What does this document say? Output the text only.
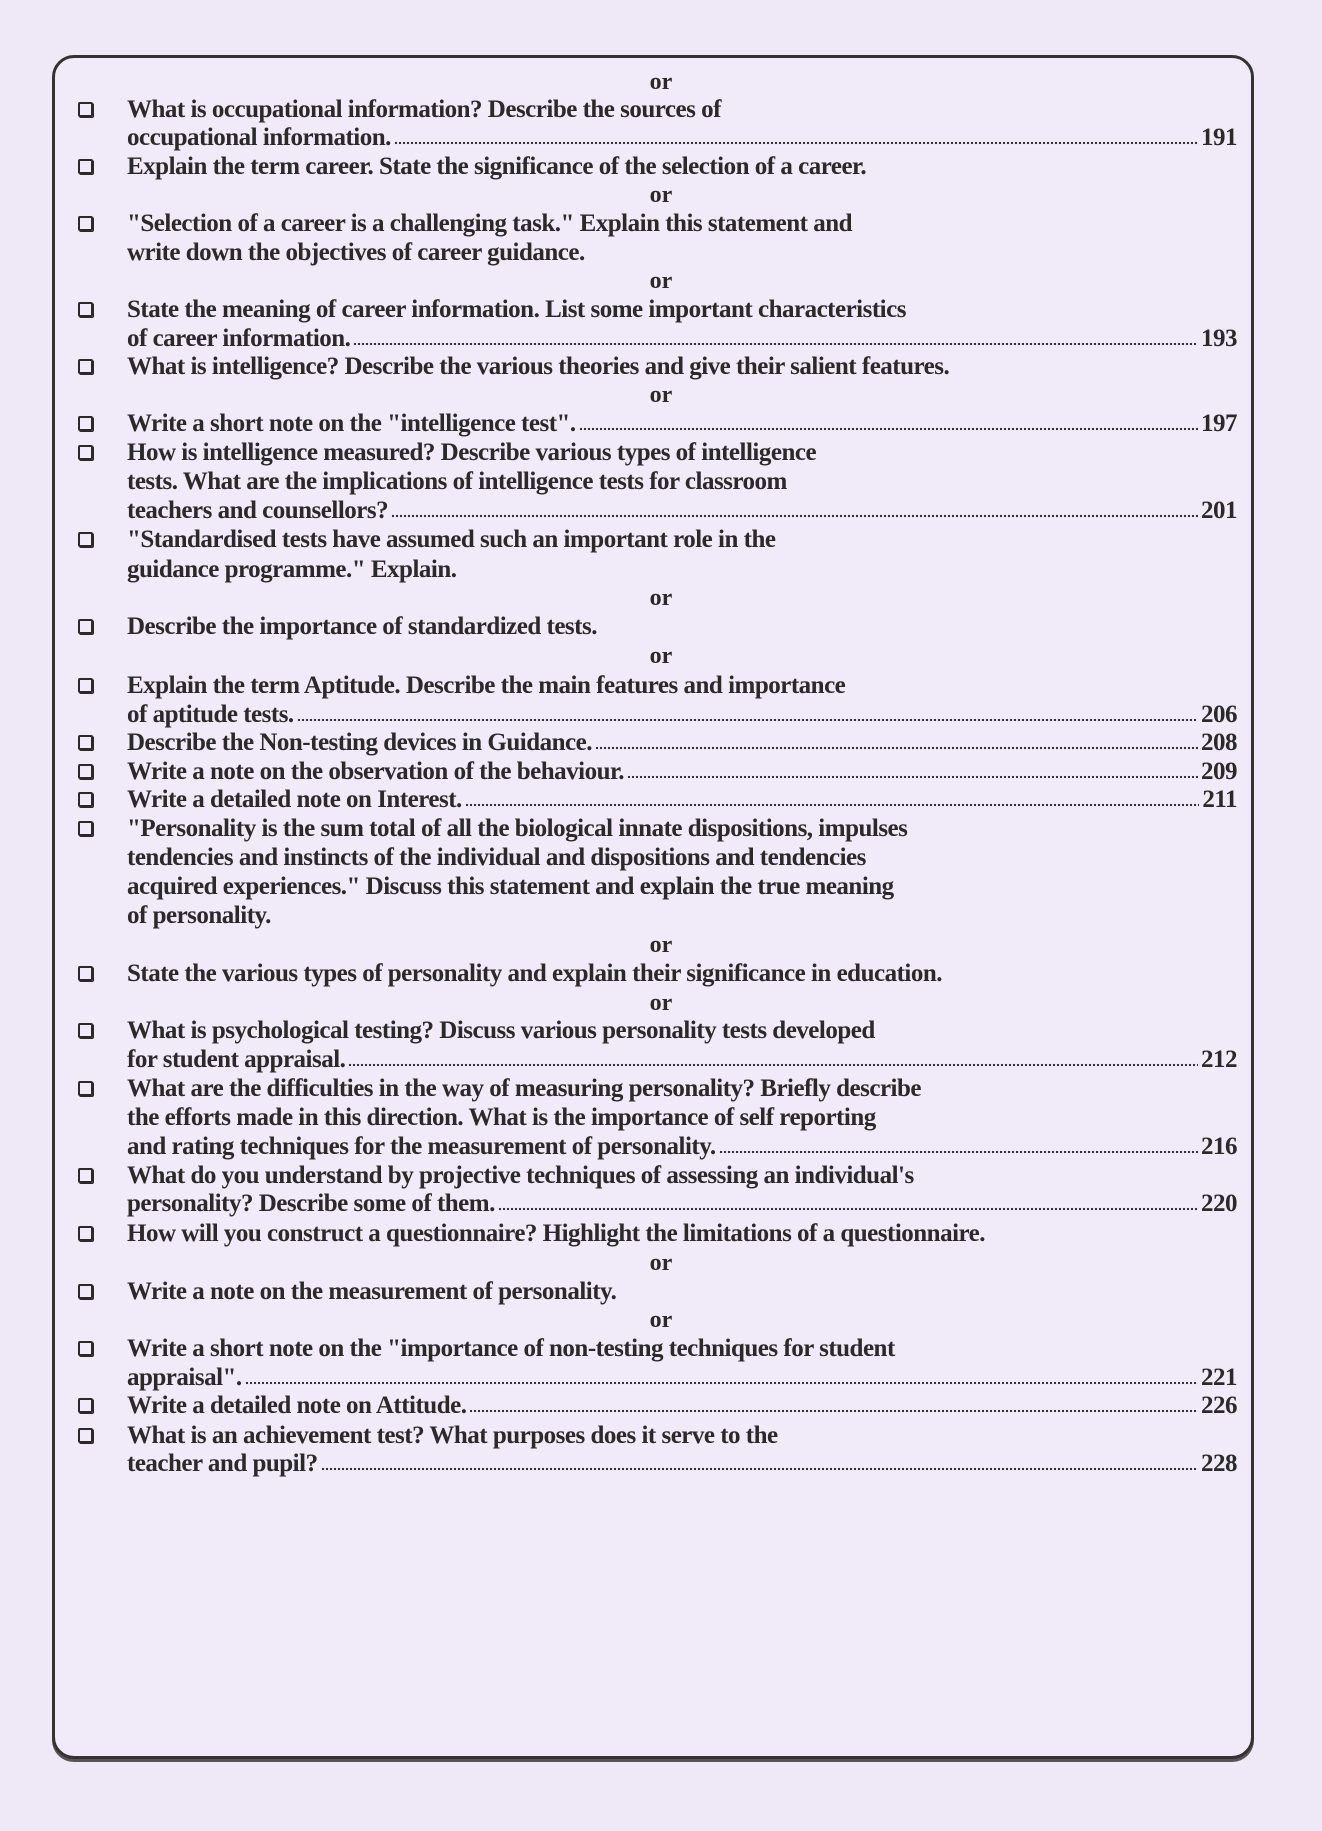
or
What is occupational information? Describe the sources of
occupational information.	191
Explain the term career. State the significance of the selection of a career.
or
"Selection of a career is a challenging task." Explain this statement and
write down the objectives of career guidance.
or
State the meaning of career information. List some important characteristics
of career information.	193
What is intelligence? Describe the various theories and give their salient features.
or
Write a short note on the "intelligence test".	197
How is intelligence measured? Describe various types of intelligence
tests. What are the implications of intelligence tests for classroom
teachers and counsellors?	201
"Standardised tests have assumed such an important role in the
guidance programme." Explain.
or
Describe the importance of standardized tests.
or
Explain the term Aptitude. Describe the main features and importance
of aptitude tests.	206
Describe the Non-testing devices in Guidance.	208
Write a note on the observation of the behaviour.	209
Write a detailed note on Interest.	211
"Personality is the sum total of all the biological innate dispositions, impulses
tendencies and instincts of the individual and dispositions and tendencies
acquired experiences." Discuss this statement and explain the true meaning
of personality.
or
State the various types of personality and explain their significance in education.
or
What is psychological testing? Discuss various personality tests developed
for student appraisal.	212
What are the difficulties in the way of measuring personality? Briefly describe
the efforts made in this direction. What is the importance of self reporting
and rating techniques for the measurement of personality.	216
What do you understand by projective techniques of assessing an individual's
personality? Describe some of them.	220
How will you construct a questionnaire? Highlight the limitations of a questionnaire.
or
Write a note on the measurement of personality.
or
Write a short note on the "importance of non-testing techniques for student
appraisal".	221
Write a detailed note on Attitude.	226
What is an achievement test? What purposes does it serve to the
teacher and pupil?	228
